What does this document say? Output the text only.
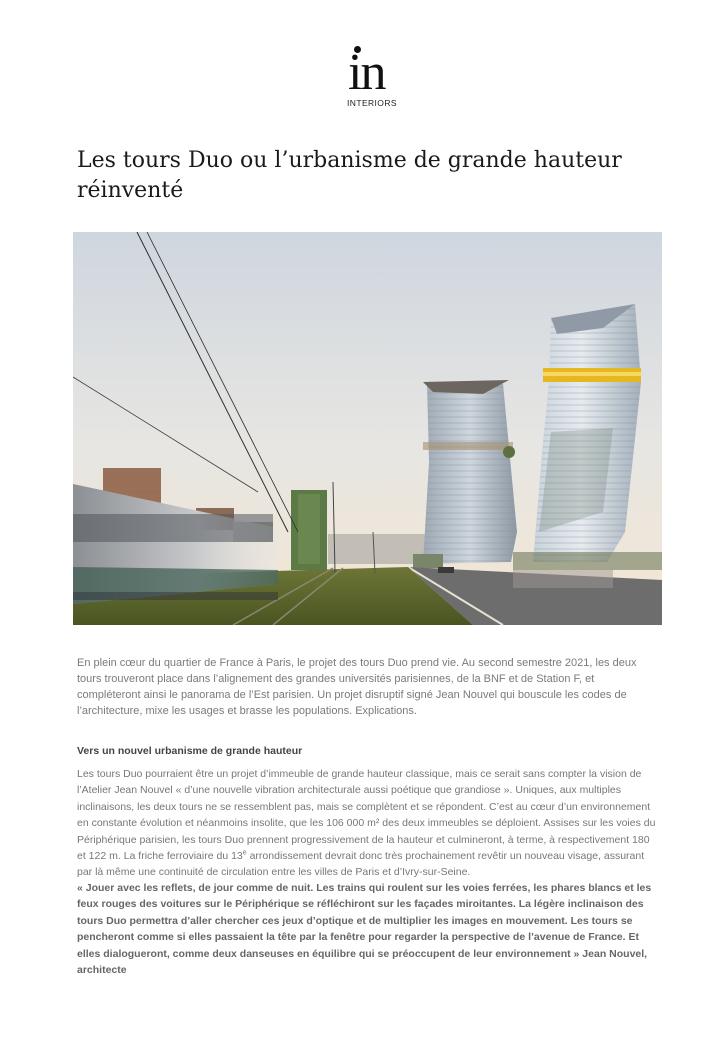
in
INTERIORS
Les tours Duo ou l’urbanisme de grande hauteur réinventé

En plein cœur du quartier de France à Paris, le projet des tours Duo prend vie. Au second semestre 2021, les deux tours trouveront place dans l’alignement des grandes universités parisiennes, de la BNF et de Station F, et compléteront ainsi le panorama de l’Est parisien. Un projet disruptif signé Jean Nouvel qui bouscule les codes de l’architecture, mixe les usages et brasse les populations. Explications.

Vers un nouvel urbanisme de grande hauteur

Les tours Duo pourraient être un projet d’immeuble de grande hauteur classique, mais ce serait sans compter la vision de l’Atelier Jean Nouvel « d’une nouvelle vibration architecturale aussi poétique que grandiose ». Uniques, aux multiples inclinaisons, les deux tours ne se ressemblent pas, mais se complètent et se répondent. C’est au cœur d’un environnement en constante évolution et néanmoins insolite, que les 106 000 m² des deux immeubles se déploient. Assises sur les voies du Périphérique parisien, les tours Duo prennent progressivement de la hauteur et culmineront, à terme, à respectivement 180 et 122 m. La friche ferroviaire du 13e arrondissement devrait donc très prochainement revêtir un nouveau visage, assurant par là même une continuité de circulation entre les villes de Paris et d’Ivry-sur-Seine.

« Jouer avec les reflets, de jour comme de nuit. Les trains qui roulent sur les voies ferrées, les phares blancs et les feux rouges des voitures sur le Périphérique se réfléchiront sur les façades miroitantes. La légère inclinaison des tours Duo permettra d’aller chercher ces jeux d’optique et de multiplier les images en mouvement. Les tours se pencheront comme si elles passaient la tête par la fenêtre pour regarder la perspective de l’avenue de France. Et elles dialogueront, comme deux danseuses en équilibre qui se préoccupent de leur environnement » Jean Nouvel, architecte
